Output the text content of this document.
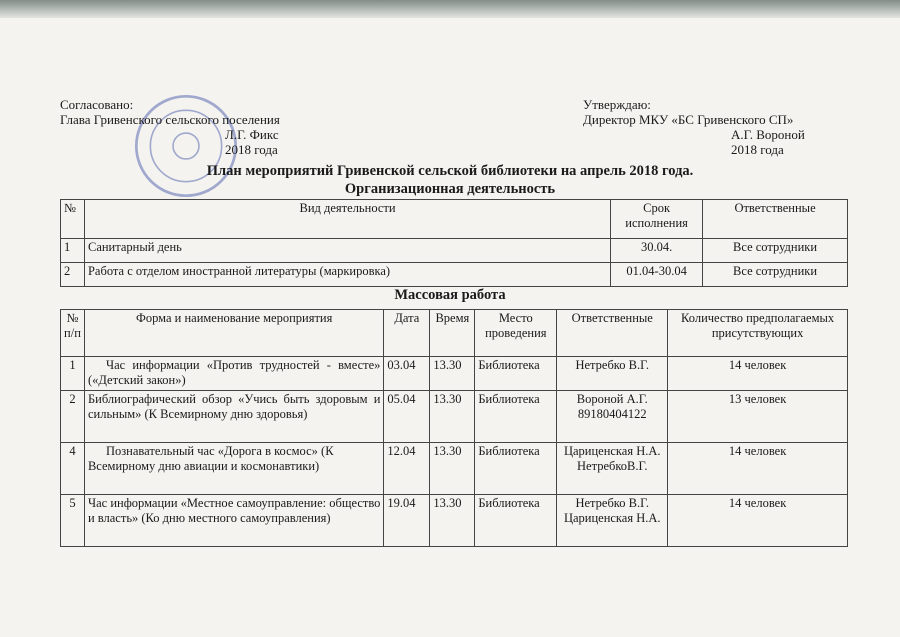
Согласовано:
Глава Гривенского сельского поселения
Л.Г. Фикс
2018 года
Утверждаю:
Директор МКУ «БС Гривенского СП»
А.Г. Вороной
2018 года
План мероприятий Гривенской сельской библиотеки на апрель 2018 года.
Организационная деятельность
№	Вид деятельности	Срок исполнения	Ответственные
1	Санитарный день	30.04.	Все сотрудники
2	Работа с отделом иностранной литературы (маркировка)	01.04-30.04	Все сотрудники
Массовая работа
№ п/п	Форма и наименование мероприятия	Дата	Время	Место проведения	Ответственные	Количество предполагаемых присутствующих
1	Час информации «Против трудностей - вместе» («Детский закон»)	03.04	13.30	Библиотека	Нетребко В.Г.	14 человек
2	Библиографический обзор «Учись быть здоровым и сильным» (К Всемирному дню здоровья)	05.04	13.30	Библиотека	Вороной А.Г. 89180404122	13 человек
4	Познавательный час «Дорога в космос» (К Всемирному дню авиации и космонавтики)	12.04	13.30	Библиотека	Цариценская Н.А. НетребкоВ.Г.	14 человек
5	Час информации «Местное самоуправление: общество и власть» (Ко дню местного самоуправления)	19.04	13.30	Библиотека	Нетребко В.Г. Цариценская Н.А.	14 человек
